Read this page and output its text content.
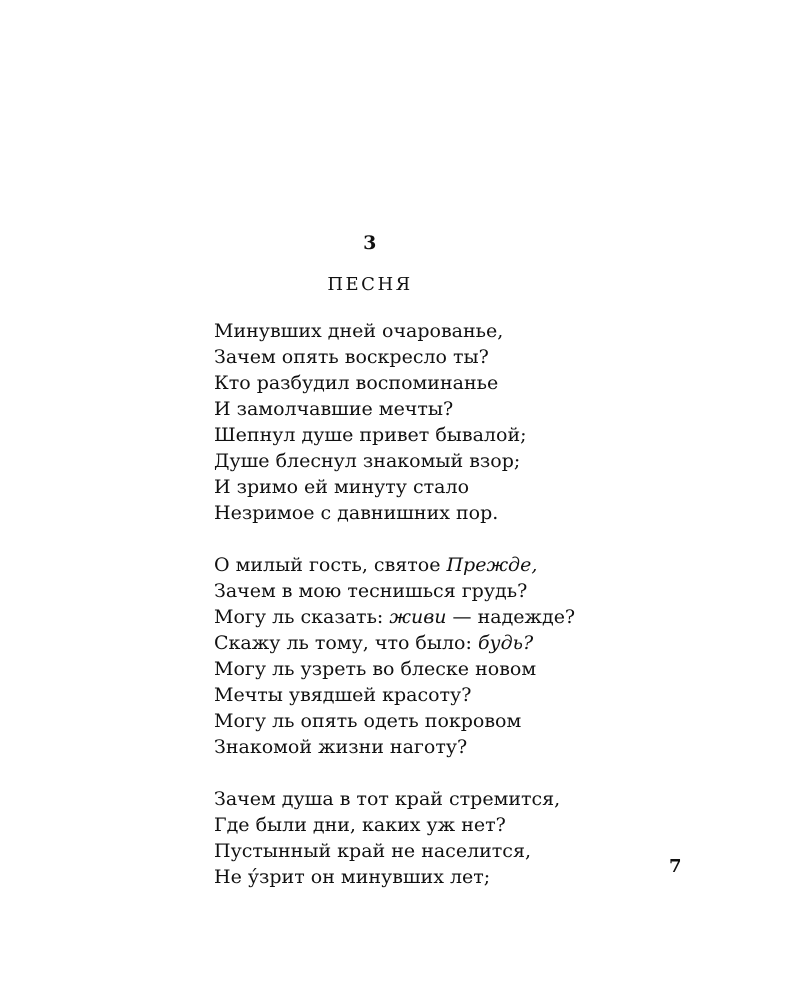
3
ПЕСНЯ
Минувших дней очарованье,
Зачем опять воскресло ты?
Кто разбудил воспоминанье
И замолчавшие мечты?
Шепнул душе привет бывалой;
Душе блеснул знакомый взор;
И зримо ей минуту стало
Незримое с давнишних пор.
О милый гость, святое Прежде,
Зачем в мою теснишься грудь?
Могу ль сказать: живи — надежде?
Скажу ль тому, что было: будь?
Могу ль узреть во блеске новом
Мечты увядшей красоту?
Могу ль опять одеть покровом
Знакомой жизни наготу?
Зачем душа в тот край стремится,
Где были дни, каких уж нет?
Пустынный край не населится,
Не у́зрит он минувших лет;	7
